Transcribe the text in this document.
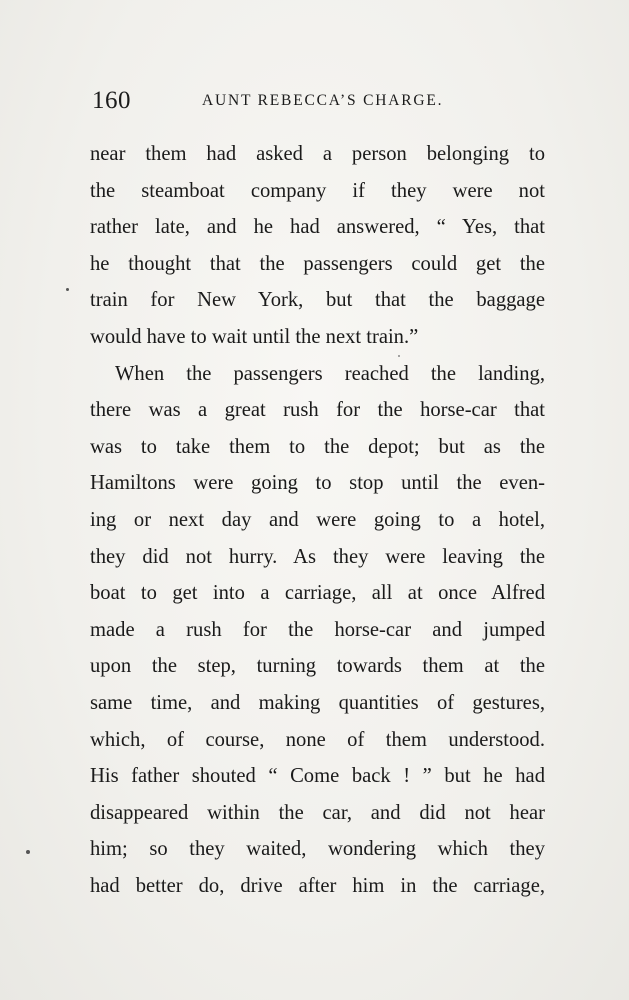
160	AUNT REBECCA’S CHARGE.
near them had asked a person belonging to
the steamboat company if they were not
rather late, and he had answered, “ Yes, that
he thought that the passengers could get the
train for New York, but that the baggage
would have to wait until the next train.”
When the passengers reached the landing,
there was a great rush for the horse-car that
was to take them to the depot; but as the
Hamiltons were going to stop until the even-
ing or next day and were going to a hotel,
they did not hurry. As they were leaving the
boat to get into a carriage, all at once Alfred
made a rush for the horse-car and jumped
upon the step, turning towards them at the
same time, and making quantities of gestures,
which, of course, none of them understood.
His father shouted “ Come back ! ” but he had
disappeared within the car, and did not hear
him; so they waited, wondering which they
had better do, drive after him in the carriage,
